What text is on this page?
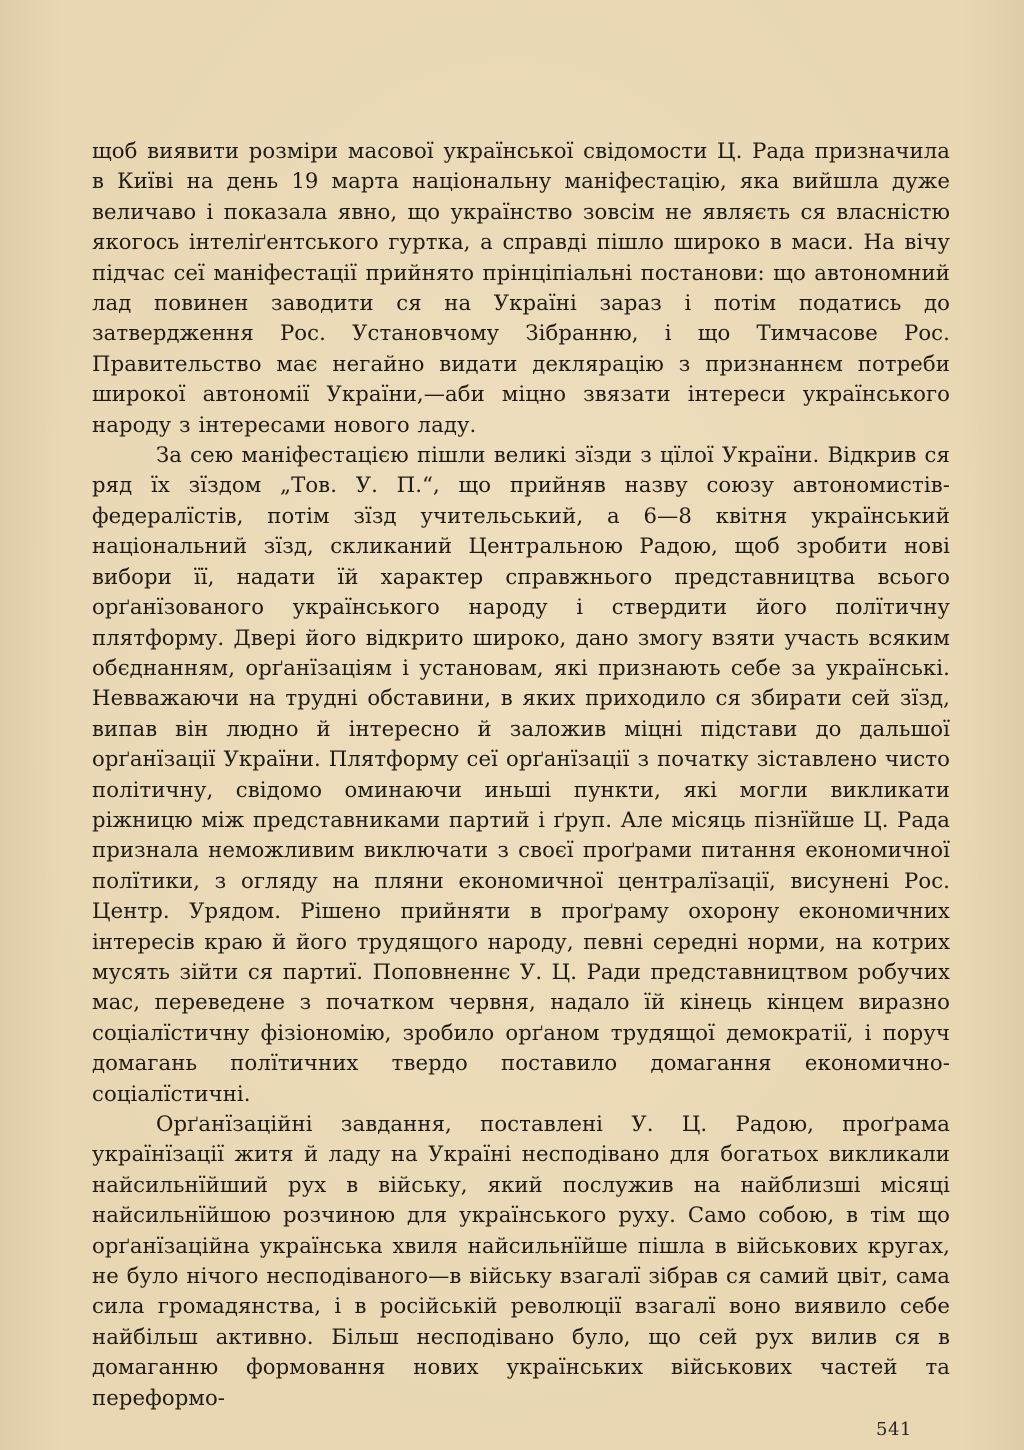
щоб виявити розміри масової української свідомости Ц. Рада призначила в Київі на день 19 марта національну маніфестацію, яка вийшла дуже величаво і показала явно, що українство зовсім не являєть ся власністю якогось інтеліґентського гуртка, а справді пішло широко в маси. На вічу підчас сеї маніфестації прийнято прінціпіальні постанови: що автономний лад повинен заводити ся на Україні зараз і потім податись до затвердження Рос. Установчому Зібранню, і що Тимчасове Рос. Правительство має негайно видати деклярацію з признаннєм потреби широкої автономії України,—аби міцно звязати інтереси українського народу з інтересами нового ладу.

За сею маніфестацією пішли великі зїзди з цїлої України. Відкрив ся ряд їх зїздом „Тов. У. П.“, що прийняв назву союзу автономистів-федералїстів, потім зїзд учительський, а 6—8 квітня український національний зїзд, скликаний Центральною Радою, щоб зробити нові вибори її, надати їй характер справжнього представництва всього орґанїзованого українського народу і ствердити його полїтичну плятформу. Двері його відкрито широко, дано змогу взяти участь всяким обєднанням, орґанїзаціям і установам, які признають себе за українські. Невважаючи на трудні обставини, в яких приходило ся збирати сей зїзд, випав він людно й інтересно й заложив міцні підстави до дальшої орґанїзації України. Плятформу сеї орґанїзації з початку зіставлено чисто політичну, свідомо оминаючи иньші пункти, які могли викликати ріжницю між представниками партий і ґруп. Але місяць пізнїйше Ц. Рада признала неможливим виключати з своєї проґрами питання економичної полїтики, з огляду на пляни економичної централїзації, висунені Рос. Центр. Урядом. Рішено прийняти в проґраму охорону економичних інтересів краю й його трудящого народу, певні середні норми, на котрих мусять зійти ся партиї. Поповненнє У. Ц. Ради представництвом робучих мас, переведене з початком червня, надало їй кінець кінцем виразно соціалїстичну фізіономію, зробило орґаном трудящої демократії, і поруч домагань полїтичних твердо поставило домагання економично-соціалїстичні.

Орґанїзаційні завдання, поставлені У. Ц. Радою, проґрама українїзації житя й ладу на Україні несподівано для богатьох викликали найсильнїйший рух в війську, який послужив на найблизші місяці найсильнїйшою розчиною для українського руху. Само собою, в тім що орґанїзаційна українська хвиля найсильнїйше пішла в військових кругах, не було нічого несподіваного—в війську взагалї зібрав ся самий цвіт, сама сила громадянства, і в російській революції взагалї воно виявило себе найбільш активно. Більш несподівано було, що сей рух вилив ся в домаганню формовання нових українських військових частей та переформо-

541
